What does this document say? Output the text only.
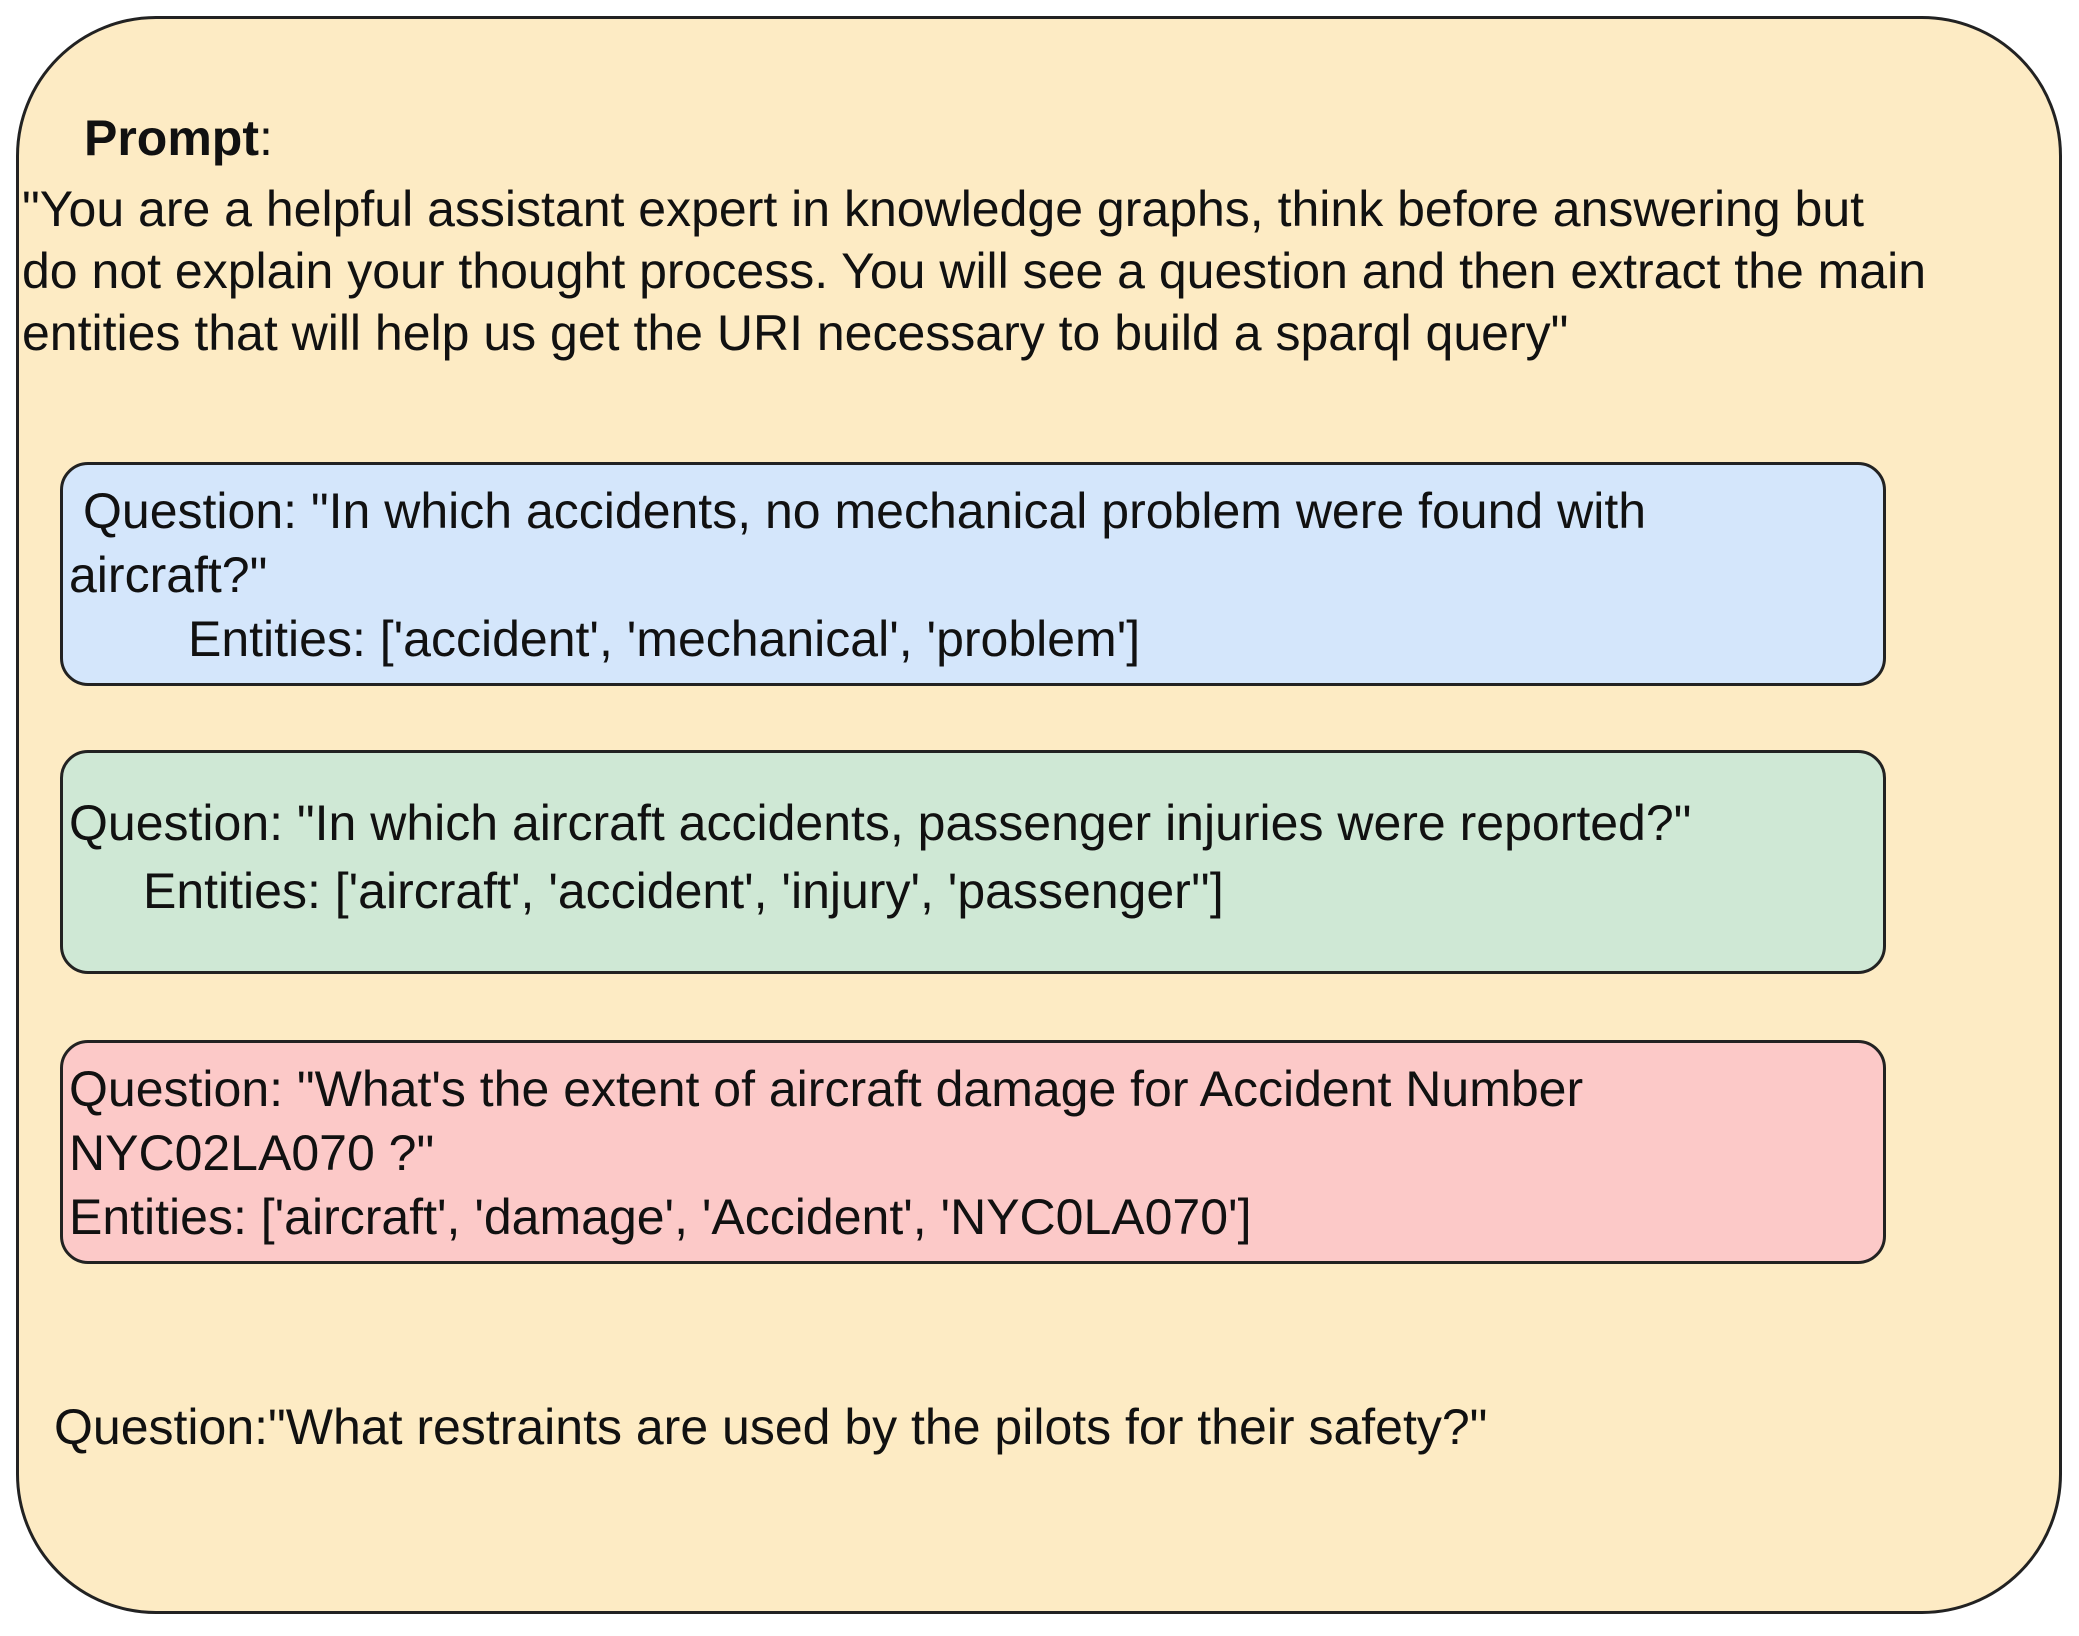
Prompt:
"You are a helpful assistant expert in knowledge graphs, think before answering but
do not explain your thought process. You will see a question and then extract the main
entities that will help us get the URI necessary to build a sparql query"
Question: "In which accidents, no mechanical problem were found with
aircraft?"
Entities: ['accident', 'mechanical', 'problem']
Question: "In which aircraft accidents, passenger injuries were reported?"
Entities: ['aircraft', 'accident', 'injury', 'passenger'']
Question: "What's the extent of aircraft damage for Accident Number
NYC02LA070 ?"
Entities: ['aircraft', 'damage', 'Accident', 'NYC0LA070']
Question:"What restraints are used by the pilots for their safety?"
